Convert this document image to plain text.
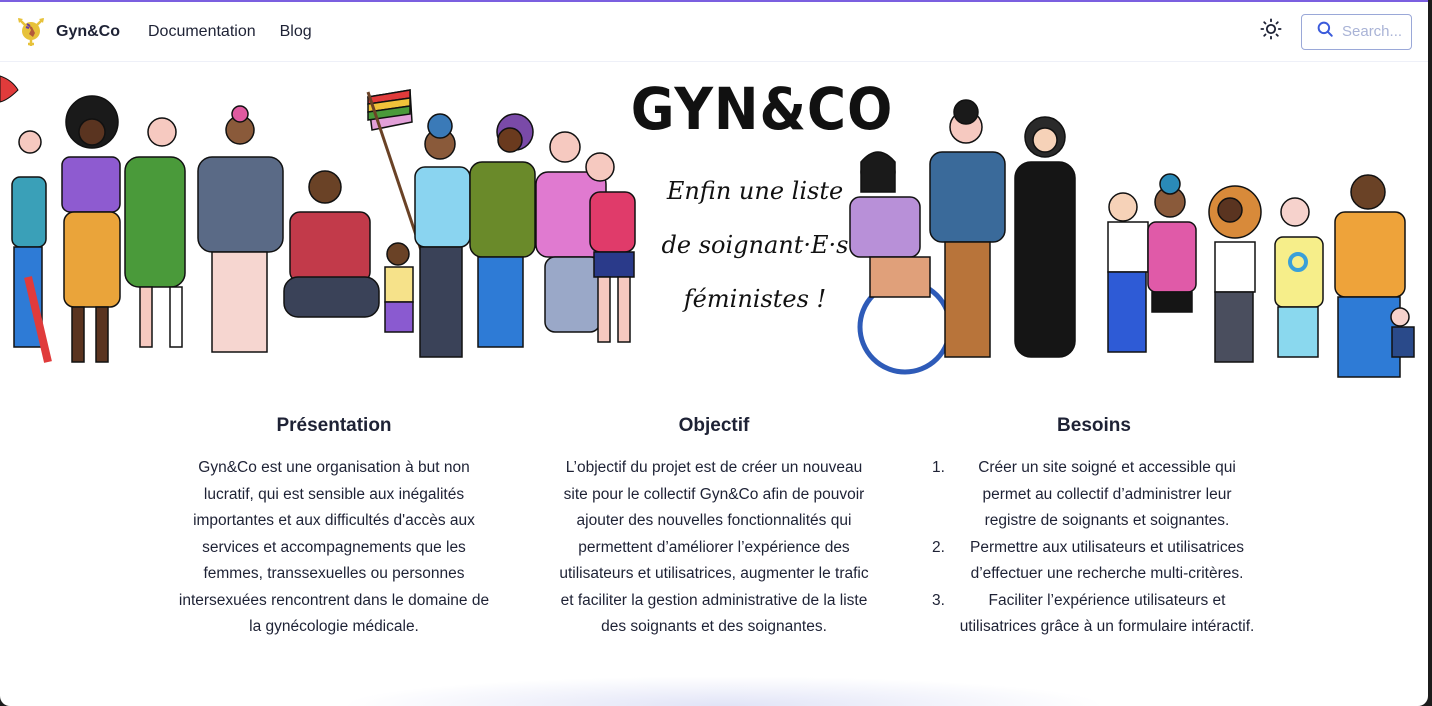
Gyn&Co Documentation Blog
Search...
GYN&CO
Enfin une liste
de soignant·E·s
féministes !
Présentation

Gyn&Co est une organisation à but non lucratif, qui est sensible aux inégalités importantes et aux difficultés d'accès aux services et accompagnements que les femmes, transsexuelles ou personnes intersexuées rencontrent dans le domaine de la gynécologie médicale.

Objectif

L’objectif du projet est de créer un nouveau site pour le collectif Gyn&Co afin de pouvoir ajouter des nouvelles fonctionnalités qui permettent d’améliorer l’expérience des utilisateurs et utilisatrices, augmenter le trafic et faciliter la gestion administrative de la liste des soignants et des soignantes.

Besoins
1. Créer un site soigné et accessible qui permet au collectif d’administrer leur registre de soignants et soignantes.
2. Permettre aux utilisateurs et utilisatrices d’effectuer une recherche multi-critères.
3.	Faciliter l’expérience utilisateurs et utilisatrices grâce à un formulaire intéractif.
